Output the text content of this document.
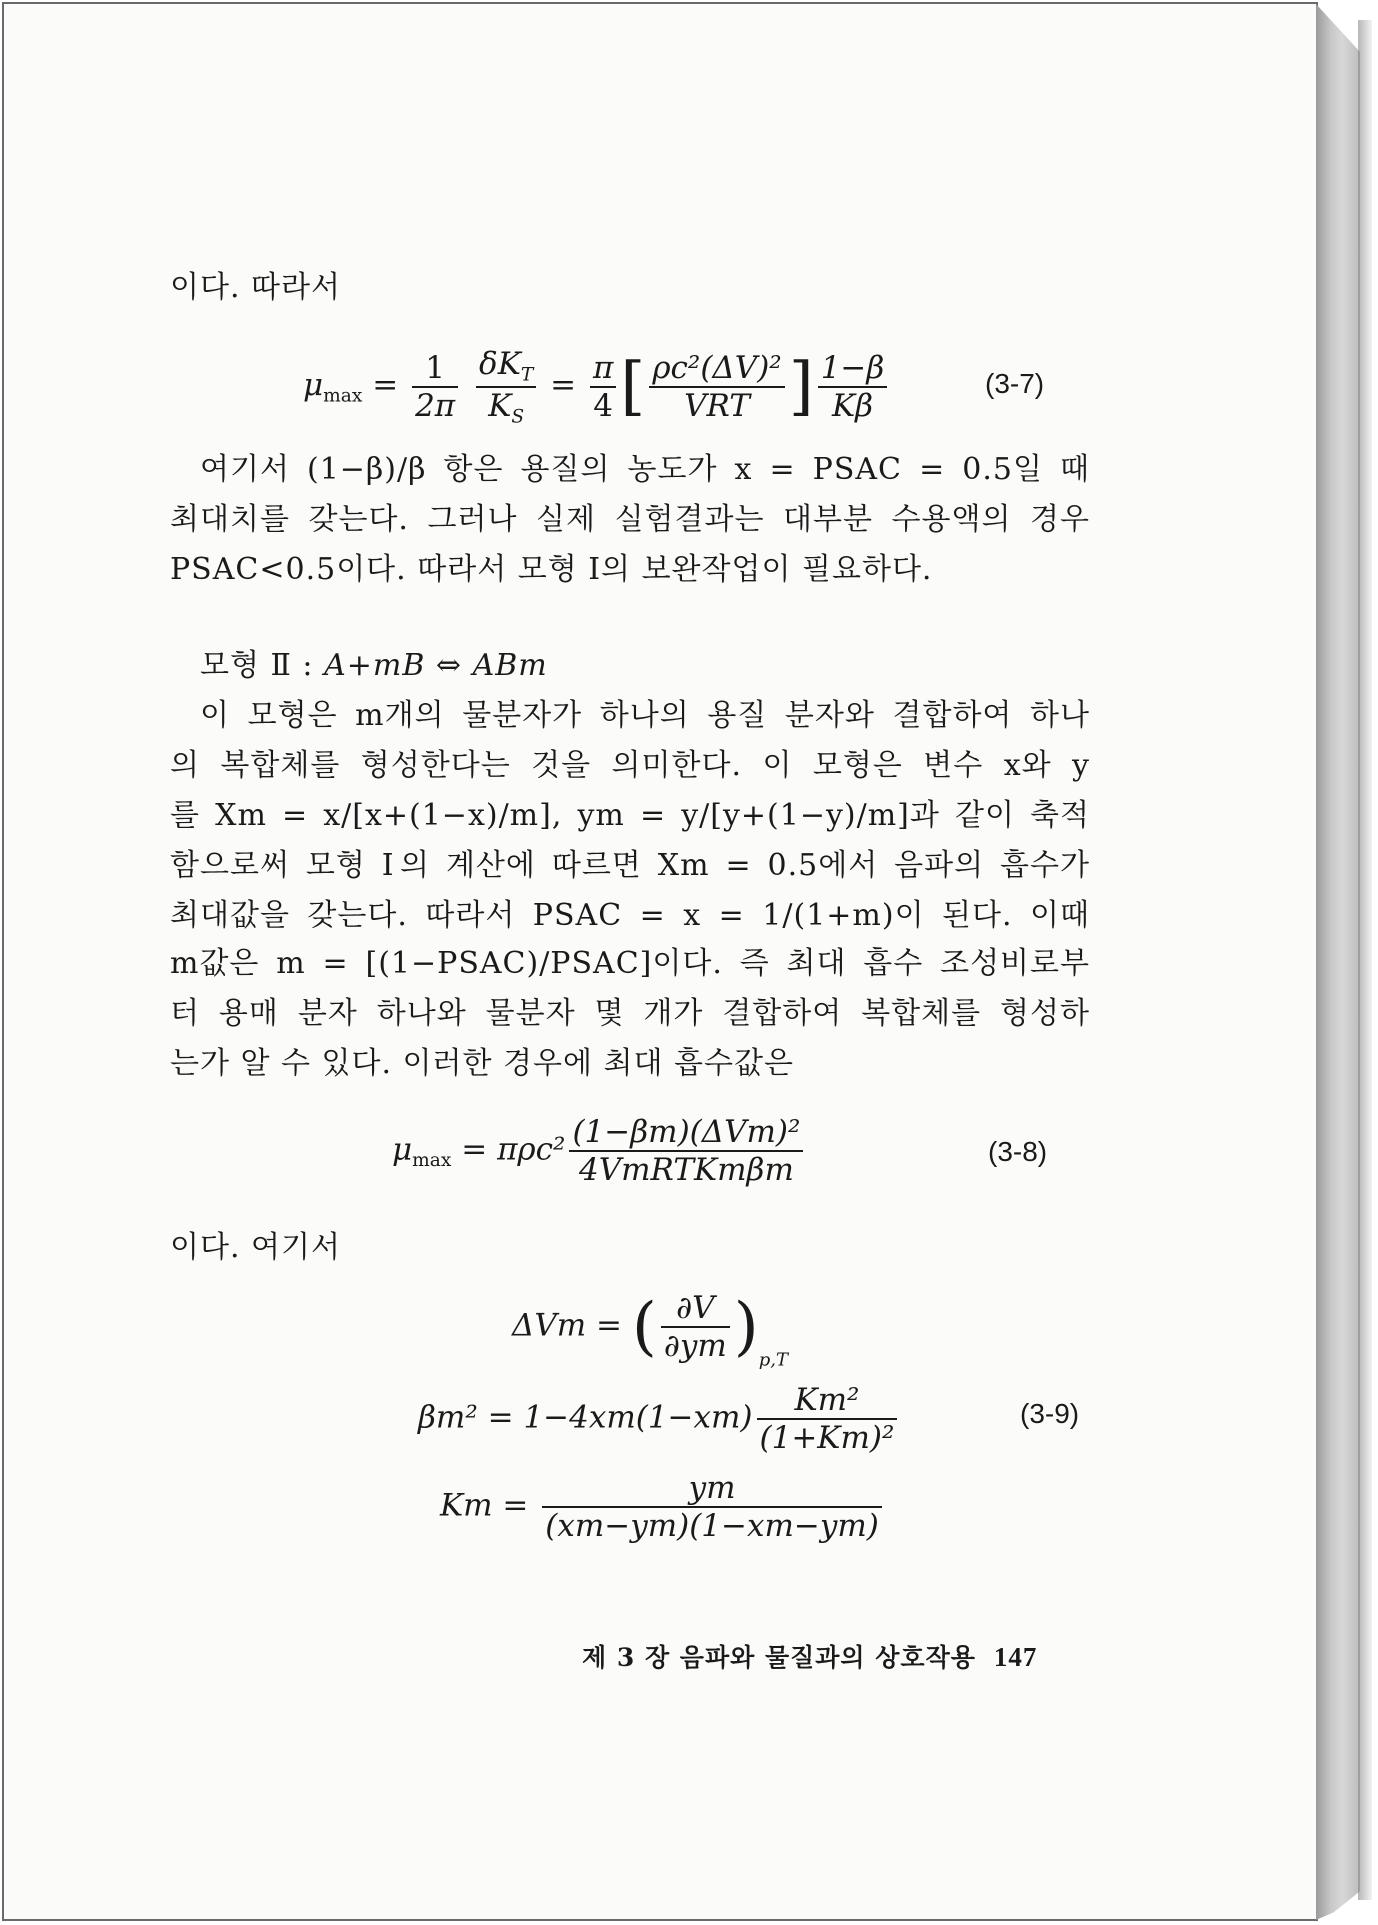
이다. 따라서
$\mu_{max} = \frac{1}{2\pi}$
$\frac{\delta K_T}{K_S} = \frac{\pi}{4}$ [ $\frac{\text{ρc²(ΔV)²}}{\text{VRT}}$ ] $\frac{1-\beta}{K\beta}$	(3-7)
여기서 (1−β)/β 항은 용질의 농도가 x = PSAC = 0.5일 때
최대치를 갖는다. 그러나 실제 실험결과는 대부분 수용액의 경우
PSAC<0.5이다. 따라서 모형 Ⅰ의 보완작업이 필요하다.
모형 Ⅱ : A+mB ⇔ ABm
이 모형은 m개의 물분자가 하나의 용질 분자와 결합하여 하나
의 복합체를 형성한다는 것을 의미한다. 이 모형은 변수 x와 y
를 Xm = x/[x+(1−x)/m], ym = y/[y+(1−y)/m]과 같이 축적
함으로써 모형 Ⅰ의 계산에 따르면 Xm = 0.5에서 음파의 흡수가
최대값을 갖는다. 따라서 PSAC = x = 1/(1+m)이 된다. 이때
m값은 m = [(1−PSAC)/PSAC]이다. 즉 최대 흡수 조성비로부
터 용매 분자 하나와 물분자 몇 개가 결합하여 복합체를 형성하
는가 알 수 있다. 이러한 경우에 최대 흡수값은
$\mu_{max} = \pi\rho c^2 \frac{\text{(1−βm)(ΔVm)²}}{\text{4VmRTKmβm}}$	(3-8)
이다. 여기서
ΔVm = ( $\frac{\partial V}{\partial ym} )_{p,T}$
$\beta m^2 = 1-4xm(1-xm) \frac{\text{Km²}}{\text{(1+Km)²}}$	(3-9)
$Km = \frac{ym}{(xm-ym)(1-xm-ym)}$
제 3 장 음파와 물질과의 상호작용 147
